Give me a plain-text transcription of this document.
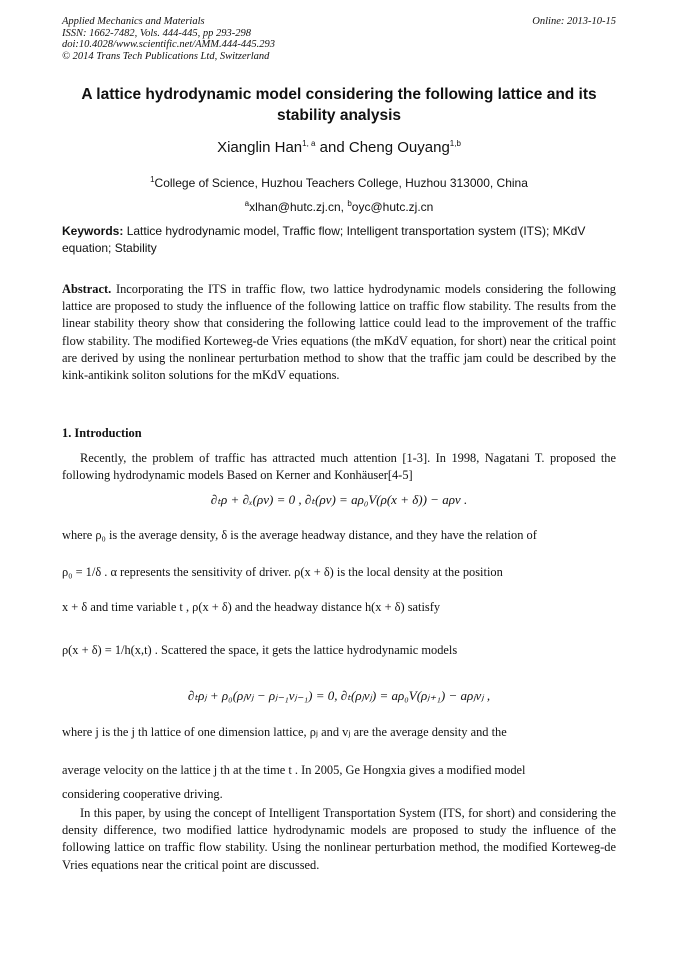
Applied Mechanics and Materials
ISSN: 1662-7482, Vols. 444-445, pp 293-298
doi:10.4028/www.scientific.net/AMM.444-445.293
© 2014 Trans Tech Publications Ltd, Switzerland
Online: 2013-10-15
A lattice hydrodynamic model considering the following lattice and its stability analysis
Xianglin Han$^{1, a}$ and Cheng Ouyang$^{1,b}$
$^1$College of Science, Huzhou Teachers College, Huzhou 313000, China
$^a$xlhan@hutc.zj.cn, $^b$oyc@hutc.zj.cn
Keywords: Lattice hydrodynamic model, Traffic flow; Intelligent transportation system (ITS); MKdV equation; Stability
Abstract. Incorporating the ITS in traffic flow, two lattice hydrodynamic models considering the following lattice are proposed to study the influence of the following lattice on traffic flow stability. The results from the linear stability theory show that considering the following lattice could lead to the improvement of the traffic flow stability. The modified Korteweg-de Vries equations (the mKdV equation, for short) near the critical point are derived by using the nonlinear perturbation method to show that the traffic jam could be described by the kink-antikink soliton solutions for the mKdV equations.
1. Introduction
Recently, the problem of traffic has attracted much attention [1-3]. In 1998, Nagatani T. proposed the following hydrodynamic models Based on Kerner and Konhäuser[4-5]
∂ₜρ + ∂ₓ(ρv) = 0 , ∂ₜ(ρv) = aρ₀V(ρ(x + δ)) − aρv .
where ρ₀ is the average density, δ is the average headway distance, and they have the relation of
ρ₀ = 1/δ . α represents the sensitivity of driver. ρ(x + δ) is the local density at the position
x + δ and time variable t , ρ(x + δ) and the headway distance h(x + δ) satisfy
ρ(x + δ) = 1/h(x,t) . Scattered the space, it gets the lattice hydrodynamic models
∂ₜρⱼ + ρ₀(ρⱼvⱼ − ρⱼ₋₁vⱼ₋₁) = 0, ∂ₜ(ρⱼvⱼ) = aρ₀V(ρⱼ₊₁) − aρⱼvⱼ ,
where j is the j th lattice of one dimension lattice, ρⱼ and vⱼ are the average density and the
average velocity on the lattice j th at the time t . In 2005, Ge Hongxia gives a modified model
considering cooperative driving.
In this paper, by using the concept of Intelligent Transportation System (ITS, for short) and considering the density difference, two modified lattice hydrodynamic models are proposed to study the influence of the following lattice on traffic flow stability. Using the nonlinear perturbation method, the modified Korteweg-de Vries equations near the critical point are discussed.
